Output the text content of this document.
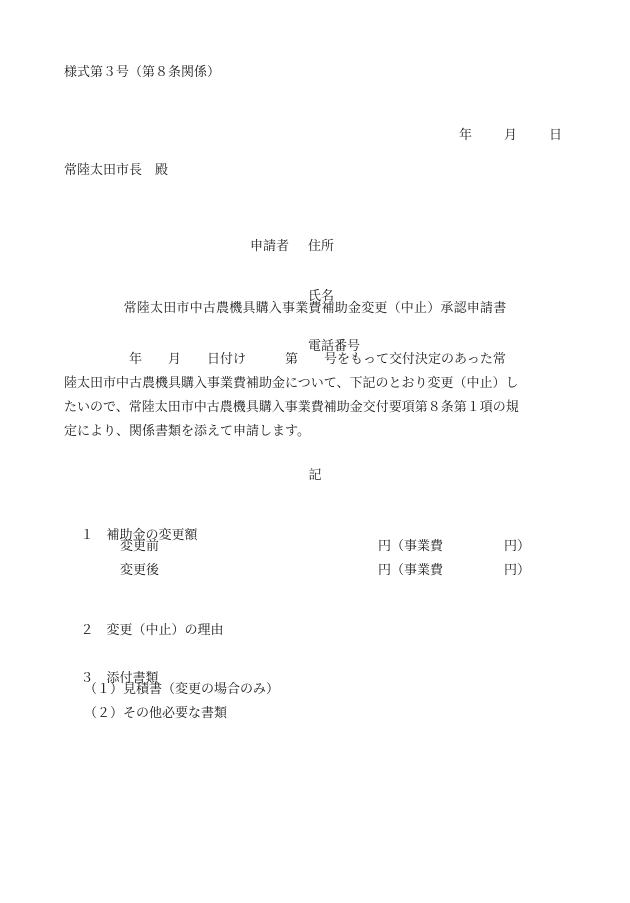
様式第３号（第８条関係）

年 月 日

常陸太田市長　殿

申請者	住所

氏名

電話番号

常陸太田市中古農機具購入事業費補助金変更（中止）承認申請書

　　　　　年　　月　　日付け　　　第　　号をもって交付決定のあった常

陸太田市中古農機具購入事業費補助金について、下記のとおり変更（中止）し

たいので、常陸太田市中古農機具購入事業費補助金交付要項第８条第１項の規

定により、関係書類を添えて申請します。

記

１ 補助金の変更額

変更前	円（事業費	円）
変更後	円（事業費	円）

２ 変更（中止）の理由

３ 添付書類

（１）見積書（変更の場合のみ）
（２）その他必要な書類
